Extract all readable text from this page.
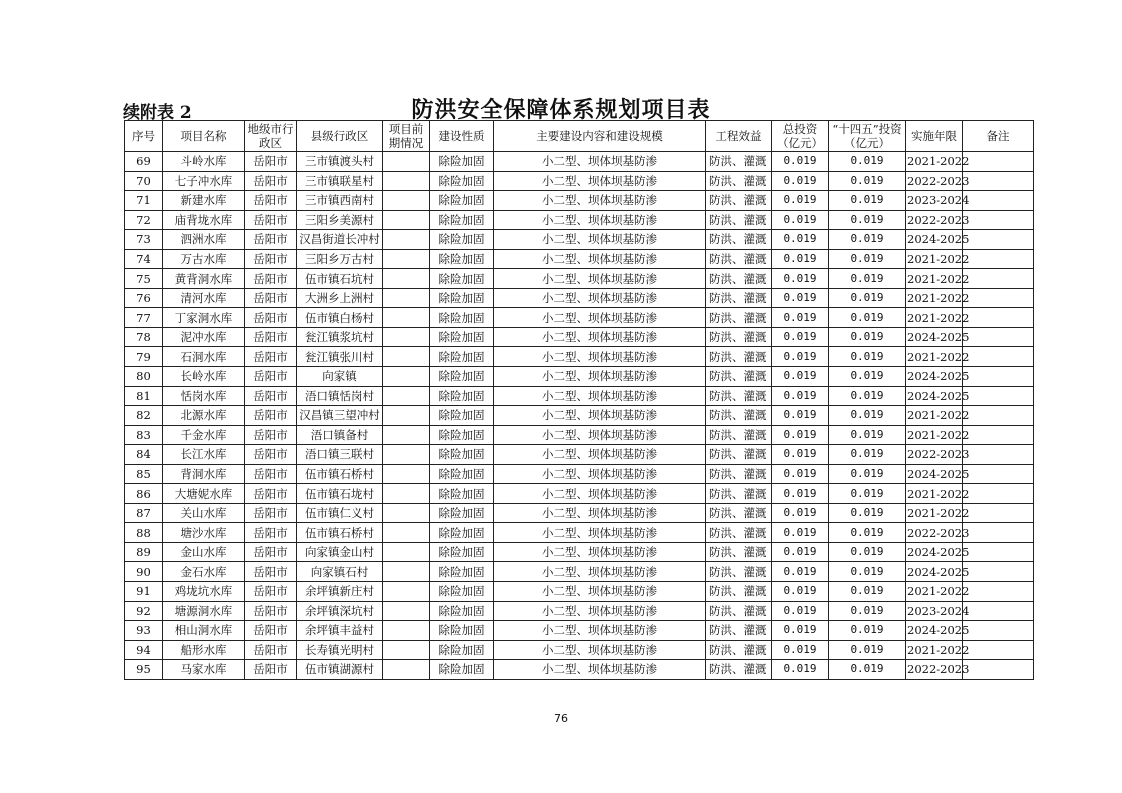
续附表 2	防洪安全保障体系规划项目表
序号	项目名称	地级市行政区	县级行政区	项目前期情况	建设性质	主要建设内容和建设规模	工程效益	总投资（亿元）	“十四五”投资（亿元）	实施年限	备注
69	斗岭水库	岳阳市	三市镇渡头村		除险加固	小二型、坝体坝基防渗	防洪、灌溉	0.019	0.019	2021-2022	
70	七子冲水库	岳阳市	三市镇联星村		除险加固	小二型、坝体坝基防渗	防洪、灌溉	0.019	0.019	2022-2023	
71	新建水库	岳阳市	三市镇西南村		除险加固	小二型、坝体坝基防渗	防洪、灌溉	0.019	0.019	2023-2024	
72	庙背垅水库	岳阳市	三阳乡美源村		除险加固	小二型、坝体坝基防渗	防洪、灌溉	0.019	0.019	2022-2023	
73	泗洲水库	岳阳市	汉昌街道长冲村		除险加固	小二型、坝体坝基防渗	防洪、灌溉	0.019	0.019	2024-2025	
74	万古水库	岳阳市	三阳乡万古村		除险加固	小二型、坝体坝基防渗	防洪、灌溉	0.019	0.019	2021-2022	
75	黄背洞水库	岳阳市	伍市镇石坑村		除险加固	小二型、坝体坝基防渗	防洪、灌溉	0.019	0.019	2021-2022	
76	清河水库	岳阳市	大洲乡上洲村		除险加固	小二型、坝体坝基防渗	防洪、灌溉	0.019	0.019	2021-2022	
77	丁家洞水库	岳阳市	伍市镇白杨村		除险加固	小二型、坝体坝基防渗	防洪、灌溉	0.019	0.019	2021-2022	
78	泥冲水库	岳阳市	瓮江镇浆坑村		除险加固	小二型、坝体坝基防渗	防洪、灌溉	0.019	0.019	2024-2025	
79	石洞水库	岳阳市	瓮江镇张川村		除险加固	小二型、坝体坝基防渗	防洪、灌溉	0.019	0.019	2021-2022	
80	长岭水库	岳阳市	向家镇		除险加固	小二型、坝体坝基防渗	防洪、灌溉	0.019	0.019	2024-2025	
81	恬岗水库	岳阳市	浯口镇恬岗村		除险加固	小二型、坝体坝基防渗	防洪、灌溉	0.019	0.019	2024-2025	
82	北源水库	岳阳市	汉昌镇三望冲村		除险加固	小二型、坝体坝基防渗	防洪、灌溉	0.019	0.019	2021-2022	
83	千金水库	岳阳市	浯口镇备村		除险加固	小二型、坝体坝基防渗	防洪、灌溉	0.019	0.019	2021-2022	
84	长江水库	岳阳市	浯口镇三联村		除险加固	小二型、坝体坝基防渗	防洪、灌溉	0.019	0.019	2022-2023	
85	背洞水库	岳阳市	伍市镇石桥村		除险加固	小二型、坝体坝基防渗	防洪、灌溉	0.019	0.019	2024-2025	
86	大塘妮水库	岳阳市	伍市镇石垅村		除险加固	小二型、坝体坝基防渗	防洪、灌溉	0.019	0.019	2021-2022	
87	关山水库	岳阳市	伍市镇仁义村		除险加固	小二型、坝体坝基防渗	防洪、灌溉	0.019	0.019	2021-2022	
88	塘沙水库	岳阳市	伍市镇石桥村		除险加固	小二型、坝体坝基防渗	防洪、灌溉	0.019	0.019	2022-2023	
89	金山水库	岳阳市	向家镇金山村		除险加固	小二型、坝体坝基防渗	防洪、灌溉	0.019	0.019	2024-2025	
90	金石水库	岳阳市	向家镇石村		除险加固	小二型、坝体坝基防渗	防洪、灌溉	0.019	0.019	2024-2025	
91	鸡垅坑水库	岳阳市	余坪镇新庄村		除险加固	小二型、坝体坝基防渗	防洪、灌溉	0.019	0.019	2021-2022	
92	塘源洞水库	岳阳市	余坪镇深坑村		除险加固	小二型、坝体坝基防渗	防洪、灌溉	0.019	0.019	2023-2024	
93	相山洞水库	岳阳市	余坪镇丰益村		除险加固	小二型、坝体坝基防渗	防洪、灌溉	0.019	0.019	2024-2025	
94	船形水库	岳阳市	长寿镇光明村		除险加固	小二型、坝体坝基防渗	防洪、灌溉	0.019	0.019	2021-2022	
95	马家水库	岳阳市	伍市镇湖源村		除险加固	小二型、坝体坝基防渗	防洪、灌溉	0.019	0.019	2022-2023	
76
